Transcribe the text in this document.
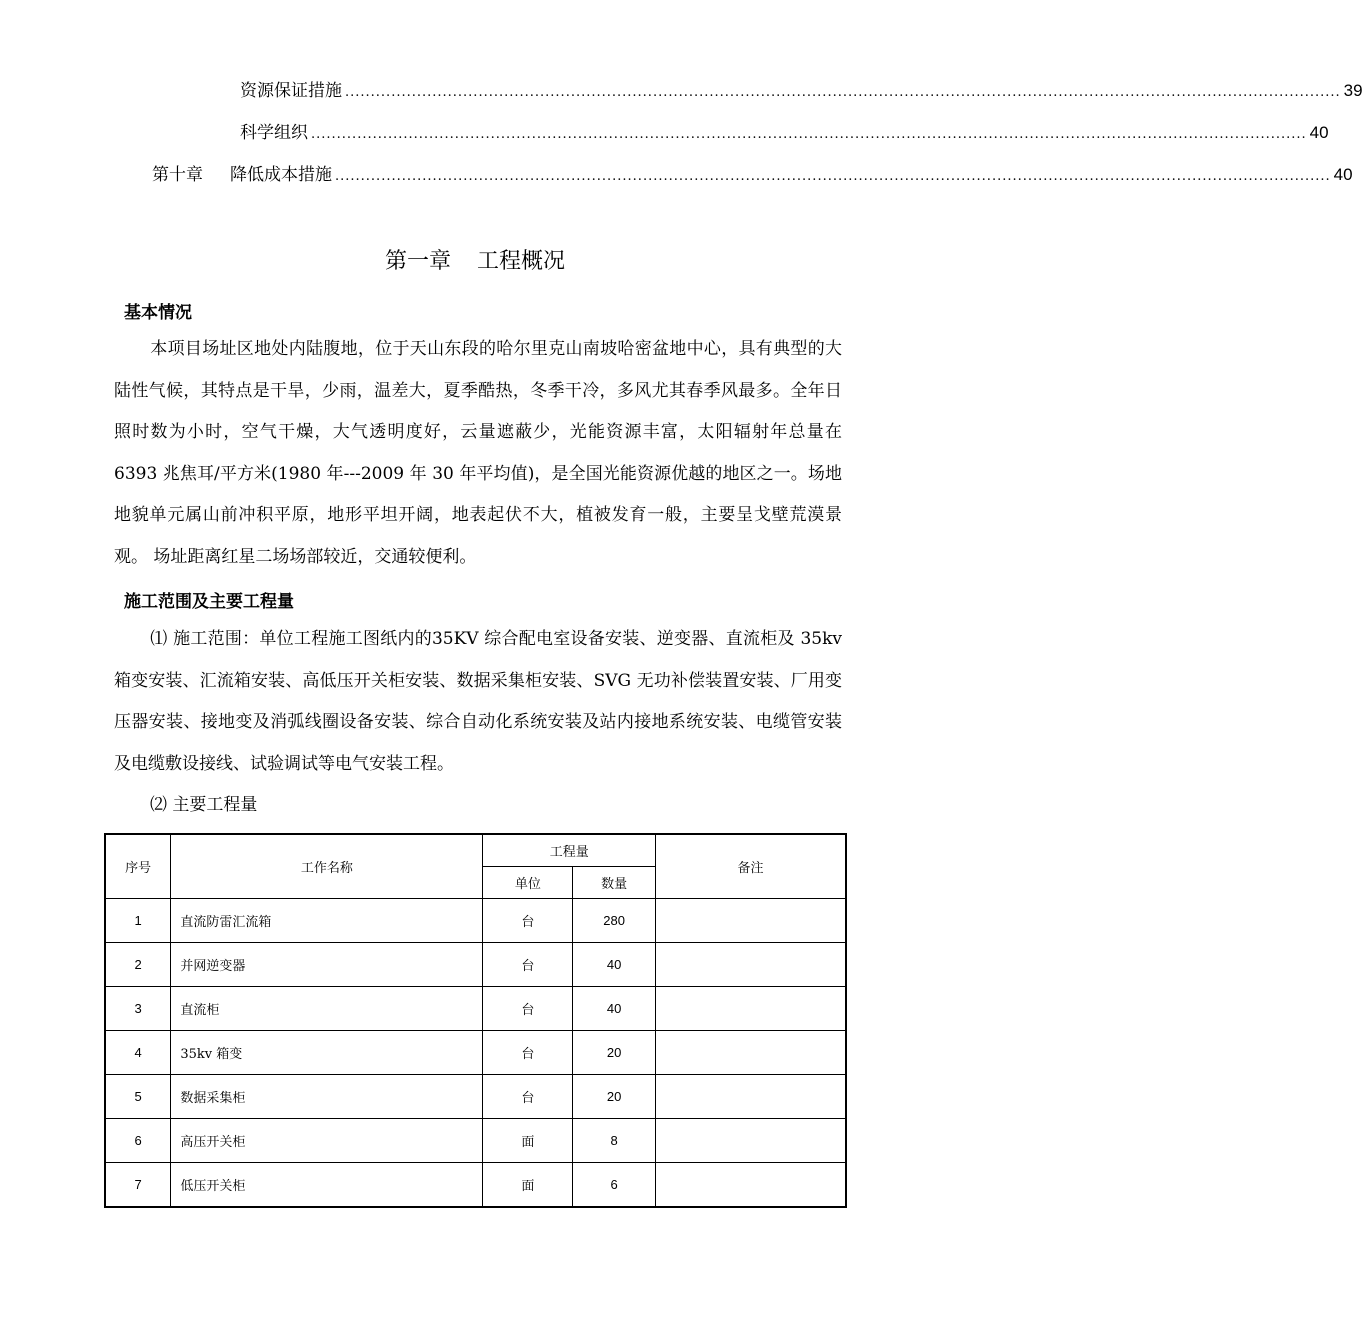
资源保证措施 .................................................................................................................................................................................................. 39
科学组织 .................................................................................................................................................................................................. 40
第十章 降低成本措施 .................................................................................................................................................................................................. 40
第一章 工程概况
基本情况
本项目场址区地处内陆腹地，位于天山东段的哈尔里克山南坡哈密盆地中心，具有典型的大陆性气候，其特点是干旱，少雨，温差大，夏季酷热，冬季干冷，多风尤其春季风最多。全年日照时数为小时，空气干燥，大气透明度好，云量遮蔽少，光能资源丰富，太阳辐射年总量在 6393 兆焦耳/平方米(1980 年---2009 年 30 年平均值)，是全国光能资源优越的地区之一。场地地貌单元属山前冲积平原，地形平坦开阔，地表起伏不大，植被发育一般，主要呈戈壁荒漠景观。 场址距离红星二场场部较近，交通较便利。
施工范围及主要工程量
⑴ 施工范围：单位工程施工图纸内的35KV 综合配电室设备安装、逆变器、直流柜及 35kv 箱变安装、汇流箱安装、高低压开关柜安装、数据采集柜安装、SVG 无功补偿装置安装、厂用变压器安装、接地变及消弧线圈设备安装、综合自动化系统安装及站内接地系统安装、电缆管安装及电缆敷设接线、试验调试等电气安装工程。
⑵ 主要工程量
序号	工作名称	工程量		备注
		单位	数量	
1	直流防雷汇流箱	台	280	
2	并网逆变器	台	40	
3	直流柜	台	40	
4	35kv 箱变	台	20	
5	数据采集柜	台	20	
6	高压开关柜	面	8	
7	低压开关柜	面	6	
